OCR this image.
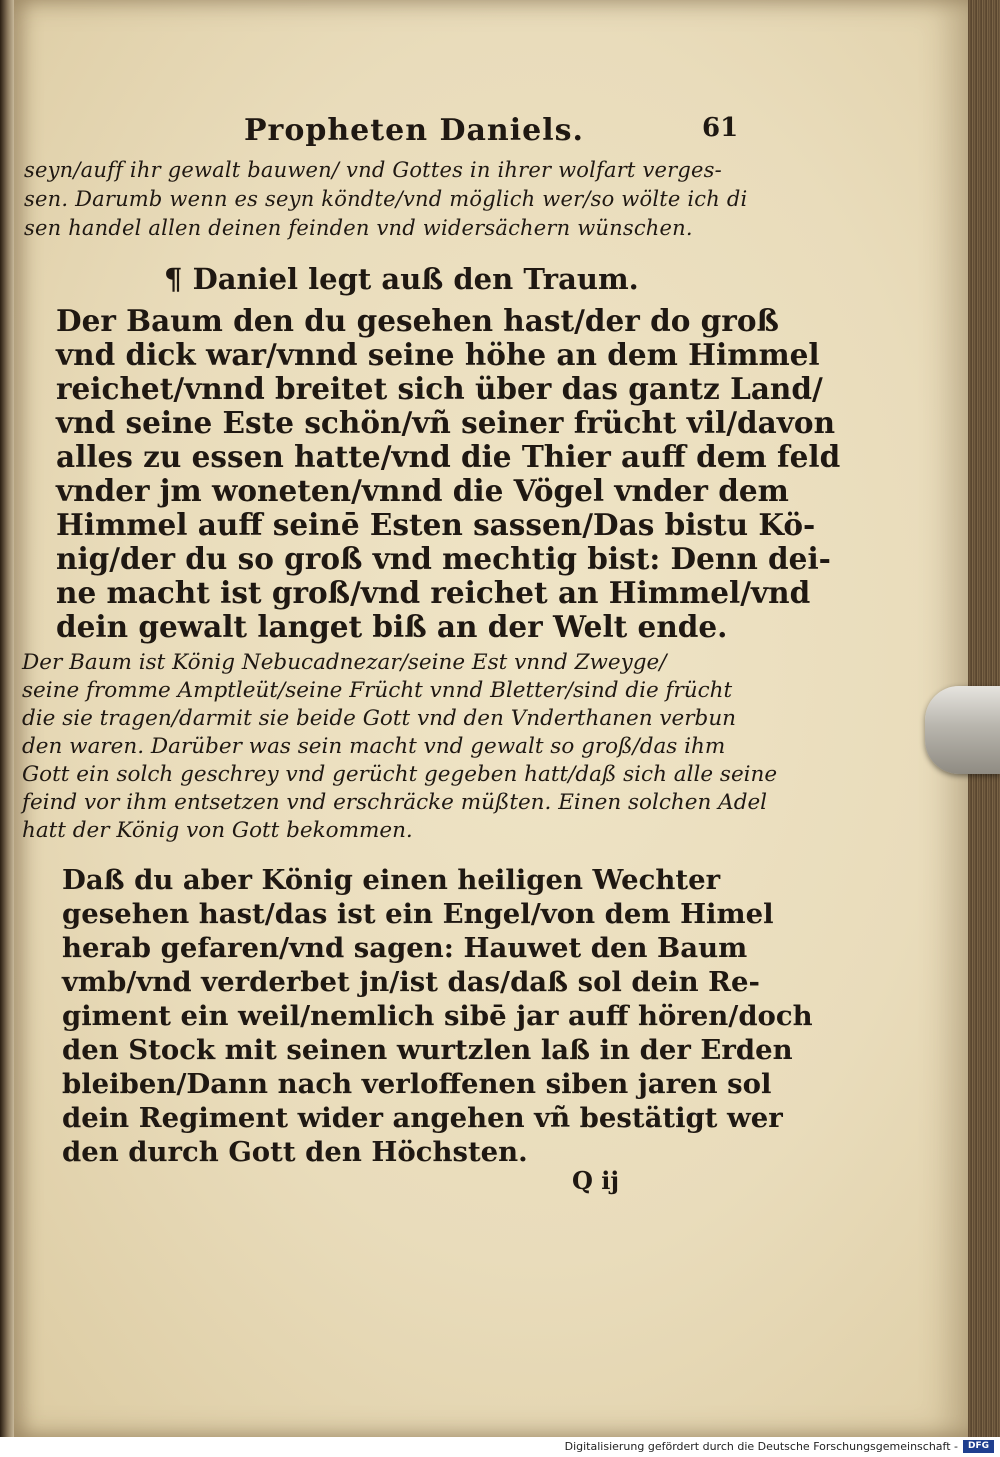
Propheten Daniels.	61

seyn/auff ihr gewalt bauwen/ vnd Gottes in ihrer wolfart verges-

sen. Darumb wenn es seyn köndte/vnd möglich wer/so wölte ich di

sen handel allen deinen feinden vnd widersächern wünschen.

¶ Daniel legt auß den Traum.

Der Baum den du gesehen hast/der do groß

vnd dick war/vnnd seine höhe an dem Himmel

reichet/vnnd breitet sich über das gantz Land/

vnd seine Este schön/vñ seiner frücht vil/davon

alles zu essen hatte/vnd die Thier auff dem feld

vnder jm woneten/vnnd die Vögel vnder dem

Himmel auff seinē Esten sassen/Das bistu Kö-

nig/der du so groß vnd mechtig bist: Denn dei-

ne macht ist groß/vnd reichet an Himmel/vnd

dein gewalt langet biß an der Welt ende.

Der Baum ist König Nebucadnezar/seine Est vnnd Zweyge/

seine fromme Amptleüt/seine Frücht vnnd Bletter/sind die frücht

die sie tragen/darmit sie beide Gott vnd den Vnderthanen verbun

den waren. Darüber was sein macht vnd gewalt so groß/das ihm

Gott ein solch geschrey vnd gerücht gegeben hatt/daß sich alle seine

feind vor ihm entsetzen vnd erschräcke müßten. Einen solchen Adel

hatt der König von Gott bekommen.

Daß du aber König einen heiligen Wechter

gesehen hast/das ist ein Engel/von dem Himel

herab gefaren/vnd sagen: Hauwet den Baum

vmb/vnd verderbet jn/ist das/daß sol dein Re-

giment ein weil/nemlich sibē jar auff hören/doch

den Stock mit seinen wurtzlen laß in der Erden

bleiben/Dann nach verloffenen siben jaren sol

dein Regiment wider angehen vñ bestätigt wer

den durch Gott den Höchsten.

Q ij

Digitalisierung gefördert durch die Deutsche Forschungsgemeinschaft -	DFG
